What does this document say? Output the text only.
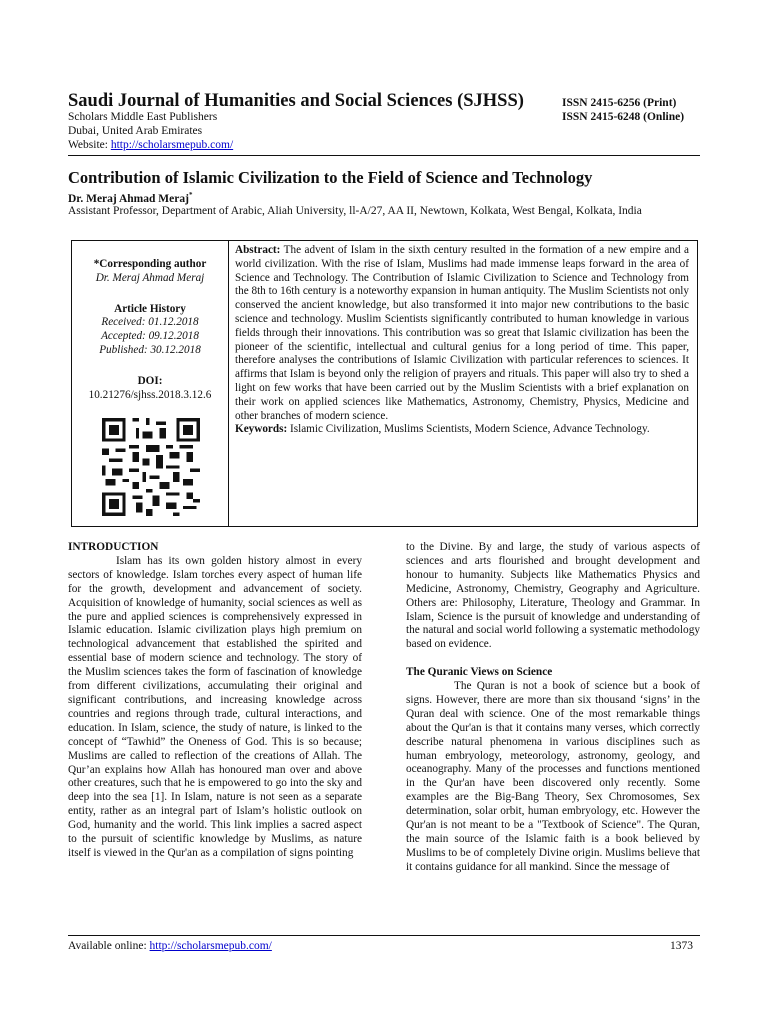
Saudi Journal of Humanities and Social Sciences (SJHSS)	ISSN 2415-6256 (Print)
Scholars Middle East Publishers	ISSN 2415-6248 (Online)
Dubai, United Arab Emirates
Website: http://scholarsmepub.com/
Contribution of Islamic Civilization to the Field of Science and Technology
Dr. Meraj Ahmad Meraj*
Assistant Professor, Department of Arabic, Aliah University, ll-A/27, AA II, Newtown, Kolkata, West Bengal, Kolkata, India
*Corresponding author
Dr. Meraj Ahmad Meraj
Article History
Received: 01.12.2018
Accepted: 09.12.2018
Published: 30.12.2018
DOI:
10.21276/sjhss.2018.3.12.6
Abstract: The advent of Islam in the sixth century resulted in the formation of a new empire and a world civilization. With the rise of Islam, Muslims had made immense leaps forward in the area of Science and Technology. The Contribution of Islamic Civilization to Science and Technology from the 8th to 16th century is a noteworthy expansion in human antiquity. The Muslim Scientists not only conserved the ancient knowledge, but also transformed it into major new contributions to the basic science and technology. Muslim Scientists significantly contributed to human knowledge in various fields through their innovations. This contribution was so great that Islamic civilization has been the pioneer of the scientific, intellectual and cultural genius for a long period of time. This paper, therefore analyses the contributions of Islamic Civilization with particular references to sciences. It affirms that Islam is beyond only the religion of prayers and rituals. This paper will also try to shed a light on few works that have been carried out by the Muslim Scientists with a brief explanation on their work on applied sciences like Mathematics, Astronomy, Chemistry, Physics, Medicine and other branches of modern science.
Keywords: Islamic Civilization, Muslims Scientists, Modern Science, Advance Technology.

INTRODUCTION

Islam has its own golden history almost in every sectors of knowledge. Islam torches every aspect of human life for the growth, development and advancement of society. Acquisition of knowledge of humanity, social sciences as well as the pure and applied sciences is comprehensively expressed in Islamic education. Islamic civilization plays high premium on technological advancement that established the spirited and essential base of modern science and technology. The story of the Muslim sciences takes the form of fascination of knowledge from different civilizations, accumulating their original and significant contributions, and increasing knowledge across countries and regions through trade, cultural interactions, and education. In Islam, science, the study of nature, is linked to the concept of “Tawhid” the Oneness of God. This is so because; Muslims are called to reflection of the creations of Allah. The Qur’an explains how Allah has honoured man over and above other creatures, such that he is empowered to go into the sky and deep into the sea [1]. In Islam, nature is not seen as a separate entity, rather as an integral part of Islam’s holistic outlook on God, humanity and the world. This link implies a sacred aspect to the pursuit of scientific knowledge by Muslims, as nature itself is viewed in the Qur'an as a compilation of signs pointing

to the Divine. By and large, the study of various aspects of sciences and arts flourished and brought development and honour to humanity. Subjects like Mathematics Physics and Medicine, Astronomy, Chemistry, Geography and Agriculture. Others are: Philosophy, Literature, Theology and Grammar. In Islam, Science is the pursuit of knowledge and understanding of the natural and social world following a systematic methodology based on evidence.

The Quranic Views on Science

The Quran is not a book of science but a book of signs. However, there are more than six thousand ‘signs’ in the Quran deal with science. One of the most remarkable things about the Qur'an is that it contains many verses, which correctly describe natural phenomena in various disciplines such as human embryology, meteorology, astronomy, geology, and oceanography. Many of the processes and functions mentioned in the Qur'an have been discovered only recently. Some examples are the Big-Bang Theory, Sex Chromosomes, Sex determination, solar orbit, human embryology, etc. However the Qur'an is not meant to be a "Textbook of Science". The Quran, the main source of the Islamic faith is a book believed by Muslims to be of completely Divine origin. Muslims believe that it contains guidance for all mankind. Since the message of

Available online: http://scholarsmepub.com/	1373
